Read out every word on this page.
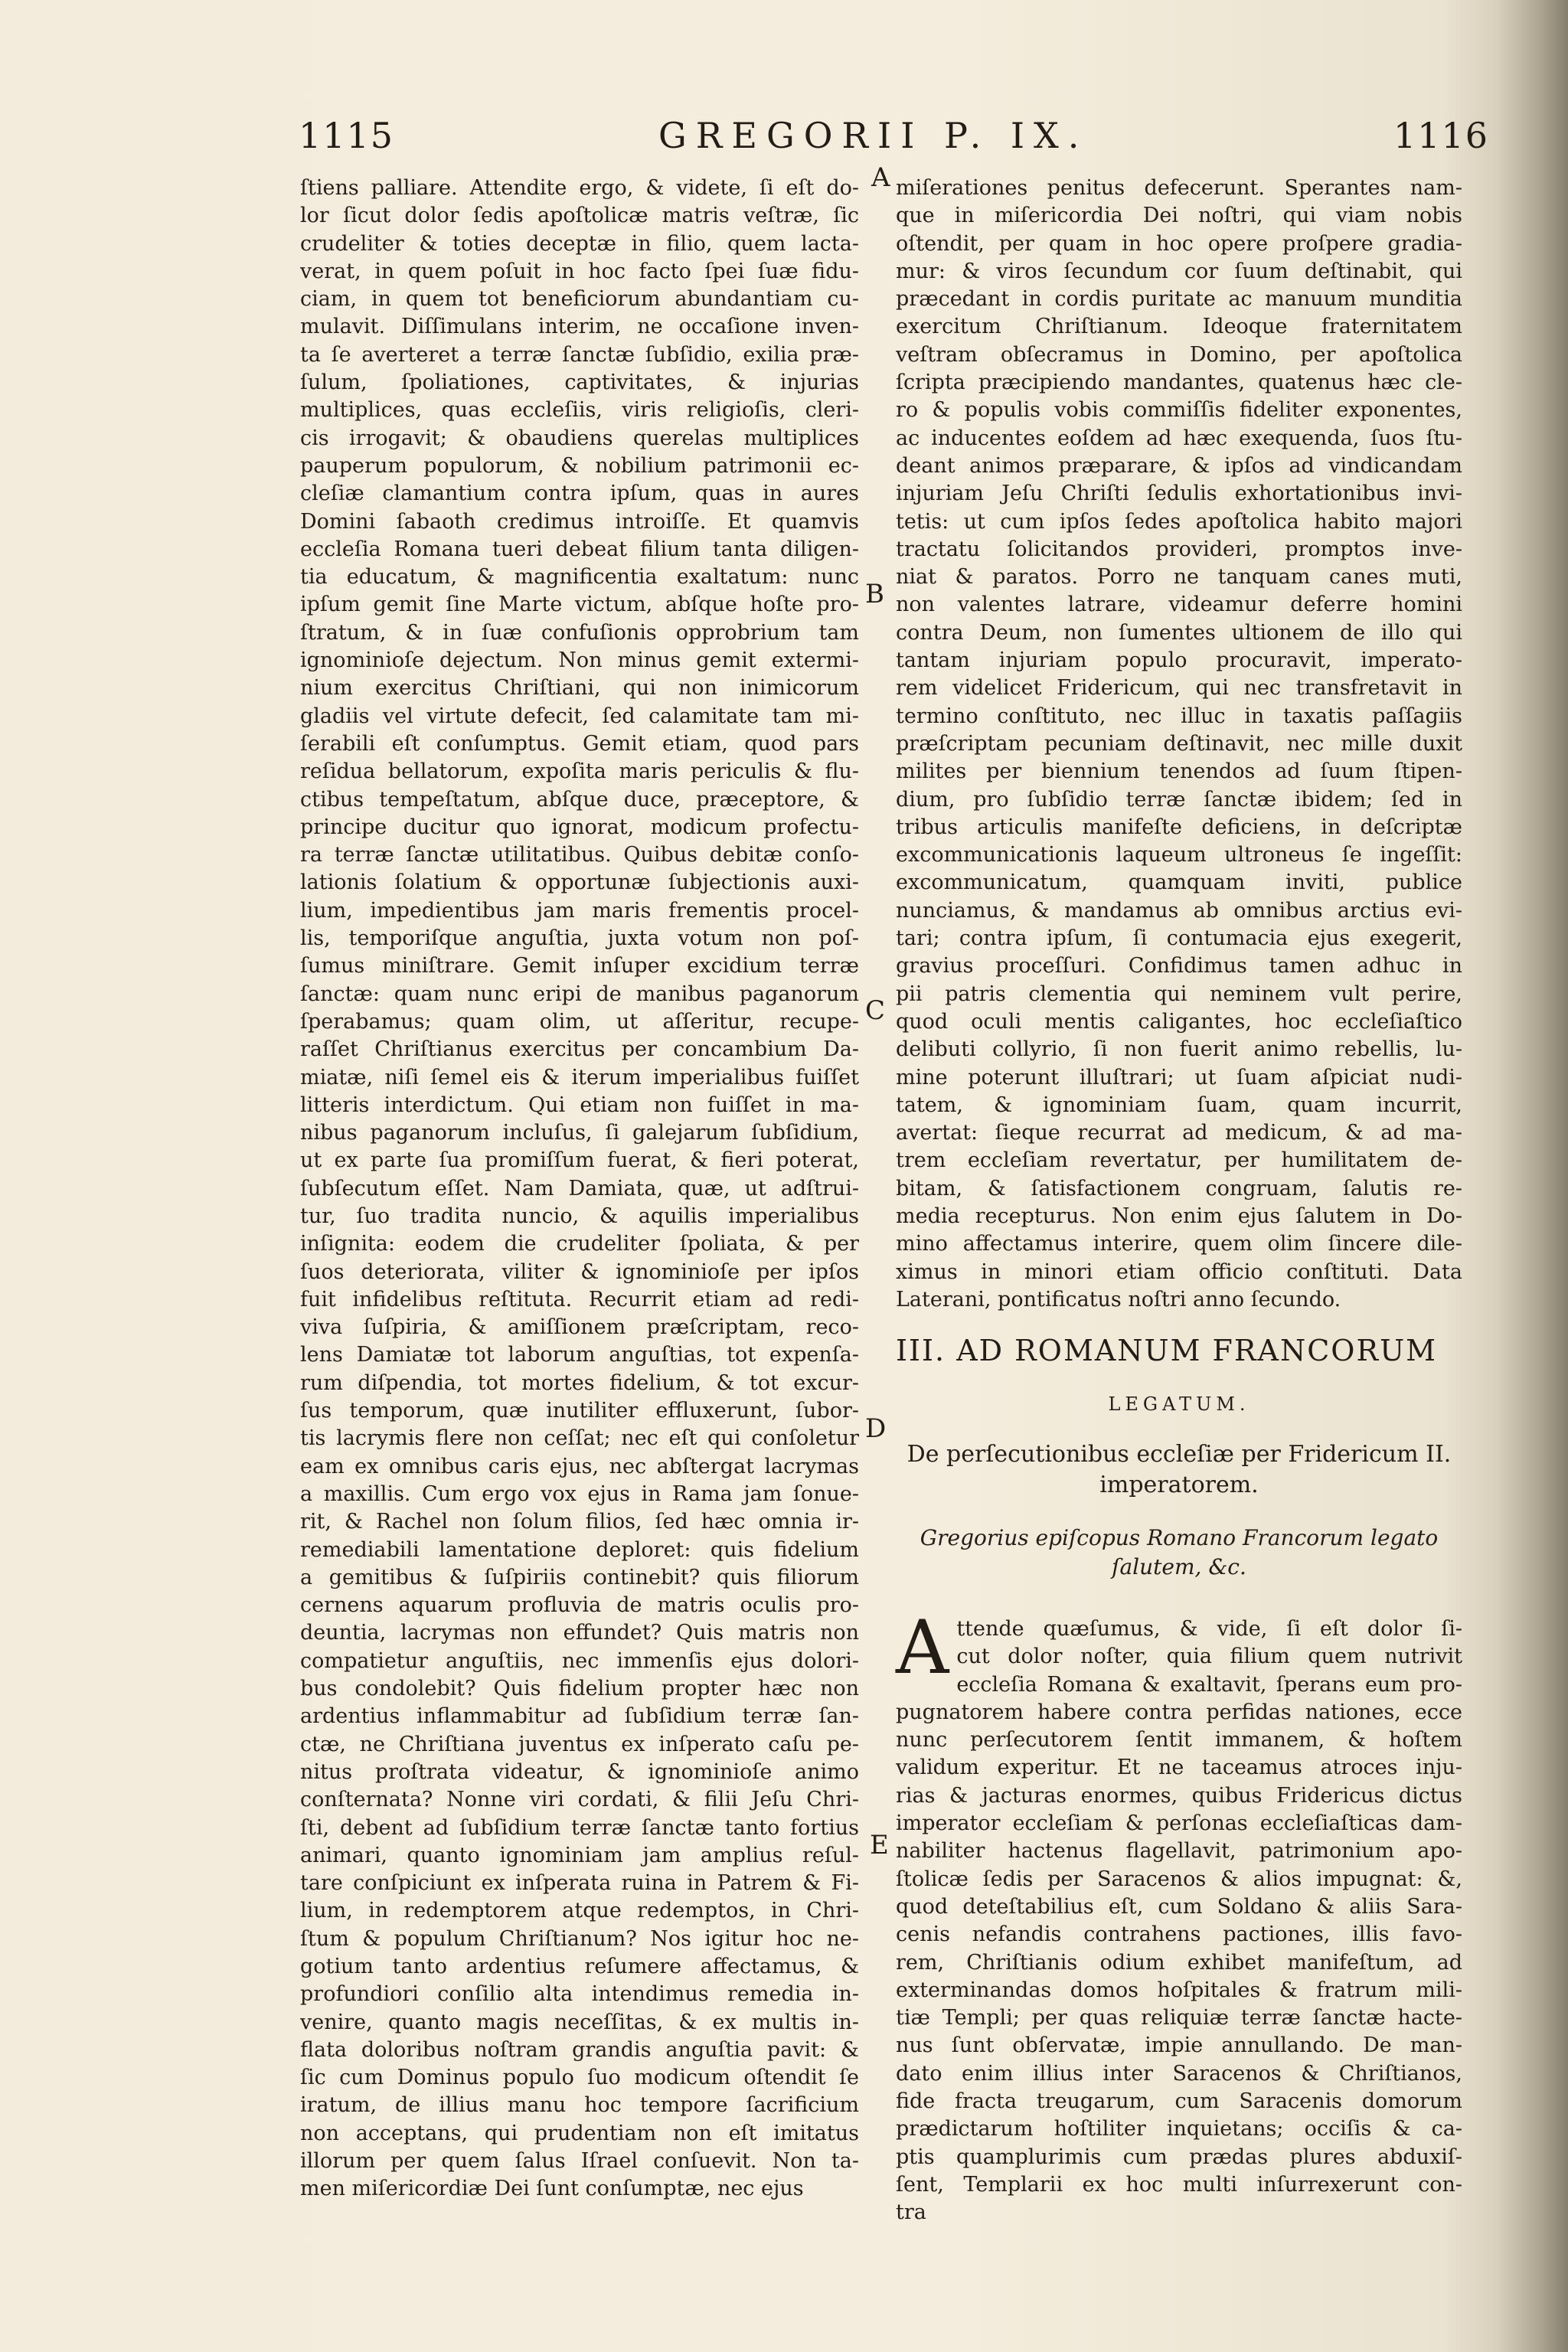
1115	GREGORII P. IX.	1116
ſtiens palliare. Attendite ergo, & videte, ſi eſt do-
lor ſicut dolor ſedis apoſtolicæ matris veſtræ, ſic
crudeliter & toties deceptæ in filio, quem lacta-
verat, in quem poſuit in hoc facto ſpei ſuæ fidu-
ciam, in quem tot beneficiorum abundantiam cu-
mulavit. Diſſimulans interim, ne occaſione inven-
ta ſe averteret a terræ ſanctæ ſubſidio, exilia præ-
ſulum, ſpoliationes, captivitates, & injurias
multiplices, quas eccleſiis, viris religioſis, cleri-
cis irrogavit; & obaudiens querelas multiplices
pauperum populorum, & nobilium patrimonii ec-
cleſiæ clamantium contra ipſum, quas in aures
Domini ſabaoth credimus introiſſe. Et quamvis
eccleſia Romana tueri debeat filium tanta diligen-
tia educatum, & magnificentia exaltatum: nunc
ipſum gemit ſine Marte victum, abſque hoſte pro-
ſtratum, & in ſuæ confuſionis opprobrium tam
ignominioſe dejectum. Non minus gemit extermi-
nium exercitus Chriſtiani, qui non inimicorum
gladiis vel virtute defecit, ſed calamitate tam mi-
ſerabili eſt conſumptus. Gemit etiam, quod pars
reſidua bellatorum, expoſita maris periculis & flu-
ctibus tempeſtatum, abſque duce, præceptore, &
principe ducitur quo ignorat, modicum profectu-
ra terræ ſanctæ utilitatibus. Quibus debitæ conſo-
lationis ſolatium & opportunæ ſubjectionis auxi-
lium, impedientibus jam maris frementis procel-
lis, temporiſque anguſtia, juxta votum non poſ-
ſumus miniſtrare. Gemit inſuper excidium terræ
ſanctæ: quam nunc eripi de manibus paganorum
ſperabamus; quam olim, ut aſſeritur, recupe-
raſſet Chriſtianus exercitus per concambium Da-
miatæ, niſi ſemel eis & iterum imperialibus fuiſſet
litteris interdictum. Qui etiam non fuiſſet in ma-
nibus paganorum incluſus, ſi galejarum ſubſidium,
ut ex parte ſua promiſſum fuerat, & fieri poterat,
ſubſecutum eſſet. Nam Damiata, quæ, ut adſtrui-
tur, ſuo tradita nuncio, & aquilis imperialibus
inſignita: eodem die crudeliter ſpoliata, & per
ſuos deteriorata, viliter & ignominioſe per ipſos
fuit infidelibus reſtituta. Recurrit etiam ad redi-
viva ſuſpiria, & amiſſionem præſcriptam, reco-
lens Damiatæ tot laborum anguſtias, tot expenſa-
rum diſpendia, tot mortes fidelium, & tot excur-
ſus temporum, quæ inutiliter effluxerunt, ſubor-
tis lacrymis flere non ceſſat; nec eſt qui conſoletur
eam ex omnibus caris ejus, nec abſtergat lacrymas
a maxillis. Cum ergo vox ejus in Rama jam ſonue-
rit, & Rachel non ſolum filios, ſed hæc omnia ir-
remediabili lamentatione deploret: quis fidelium
a gemitibus & ſuſpiriis continebit? quis filiorum
cernens aquarum profluvia de matris oculis pro-
deuntia, lacrymas non effundet? Quis matris non
compatietur anguſtiis, nec immenſis ejus dolori-
bus condolebit? Quis fidelium propter hæc non
ardentius inflammabitur ad ſubſidium terræ ſan-
ctæ, ne Chriſtiana juventus ex inſperato caſu pe-
nitus proſtrata videatur, & ignominioſe animo
conſternata? Nonne viri cordati, & filii Jeſu Chri-
ſti, debent ad ſubſidium terræ ſanctæ tanto fortius
animari, quanto ignominiam jam amplius reſul-
tare conſpiciunt ex inſperata ruina in Patrem & Fi-
lium, in redemptorem atque redemptos, in Chri-
ſtum & populum Chriſtianum? Nos igitur hoc ne-
gotium tanto ardentius reſumere affectamus, &
profundiori conſilio alta intendimus remedia in-
venire, quanto magis neceſſitas, & ex multis in-
flata doloribus noſtram grandis anguſtia pavit: &
ſic cum Dominus populo ſuo modicum oſtendit ſe
iratum, de illius manu hoc tempore ſacrificium
non acceptans, qui prudentiam non eſt imitatus
illorum per quem ſalus Iſrael conſuevit. Non ta-
men miſericordiæ Dei ſunt conſumptæ, nec ejus
miſerationes penitus defecerunt. Sperantes nam-
que in miſericordia Dei noſtri, qui viam nobis
oſtendit, per quam in hoc opere proſpere gradia-
mur: & viros ſecundum cor ſuum deſtinabit, qui
præcedant in cordis puritate ac manuum munditia
exercitum Chriſtianum. Ideoque fraternitatem
veſtram obſecramus in Domino, per apoſtolica
ſcripta præcipiendo mandantes, quatenus hæc cle-
ro & populis vobis commiſſis fideliter exponentes,
ac inducentes eoſdem ad hæc exequenda, ſuos ſtu-
deant animos præparare, & ipſos ad vindicandam
injuriam Jeſu Chriſti ſedulis exhortationibus invi-
tetis: ut cum ipſos ſedes apoſtolica habito majori
tractatu ſolicitandos provideri, promptos inve-
niat & paratos. Porro ne tanquam canes muti,
non valentes latrare, videamur deferre homini
contra Deum, non ſumentes ultionem de illo qui
tantam injuriam populo procuravit, imperato-
rem videlicet Fridericum, qui nec transfretavit in
termino conſtituto, nec illuc in taxatis paſſagiis
præſcriptam pecuniam deſtinavit, nec mille duxit
milites per biennium tenendos ad ſuum ſtipen-
dium, pro ſubſidio terræ ſanctæ ibidem; ſed in
tribus articulis manifeſte deficiens, in deſcriptæ
excommunicationis laqueum ultroneus ſe ingeſſit:
excommunicatum, quamquam inviti, publice
nunciamus, & mandamus ab omnibus arctius evi-
tari; contra ipſum, ſi contumacia ejus exegerit,
gravius proceſſuri. Confidimus tamen adhuc in
pii patris clementia qui neminem vult perire,
quod oculi mentis caligantes, hoc eccleſiaſtico
delibuti collyrio, ſi non fuerit animo rebellis, lu-
mine poterunt illuſtrari; ut ſuam aſpiciat nudi-
tatem, & ignominiam ſuam, quam incurrit,
avertat: ſieque recurrat ad medicum, & ad ma-
trem eccleſiam revertatur, per humilitatem de-
bitam, & ſatisfactionem congruam, ſalutis re-
media recepturus. Non enim ejus ſalutem in Do-
mino affectamus interire, quem olim ſincere dile-
ximus in minori etiam officio conſtituti. Data
Laterani, pontificatus noſtri anno ſecundo.
A
B
C
D
E
III. AD ROMANUM FRANCORUM
LEGATUM.
De perſecutionibus eccleſiæ per Fridericum II. imperatorem.
Gregorius epiſcopus Romano Francorum legato ſalutem, &c.
A ttende quæſumus, & vide, ſi eſt dolor ſi-
cut dolor noſter, quia filium quem nutrivit
eccleſia Romana & exaltavit, ſperans eum pro-
pugnatorem habere contra perfidas nationes, ecce
nunc perſecutorem ſentit immanem, & hoſtem
validum experitur. Et ne taceamus atroces inju-
rias & jacturas enormes, quibus Fridericus dictus
imperator eccleſiam & perſonas eccleſiaſticas dam-
nabiliter hactenus flagellavit, patrimonium apo-
ſtolicæ ſedis per Saracenos & alios impugnat: &,
quod deteſtabilius eſt, cum Soldano & aliis Sara-
cenis nefandis contrahens pactiones, illis favo-
rem, Chriſtianis odium exhibet manifeſtum, ad
exterminandas domos hoſpitales & fratrum mili-
tiæ Templi; per quas reliquiæ terræ ſanctæ hacte-
nus ſunt obſervatæ, impie annullando. De man-
dato enim illius inter Saracenos & Chriſtianos,
fide fracta treugarum, cum Saracenis domorum
prædictarum hoſtiliter inquietans; occiſis & ca-
ptis quamplurimis cum prædas plures abduxiſ-
ſent, Templarii ex hoc multi inſurrexerunt con-
tra
